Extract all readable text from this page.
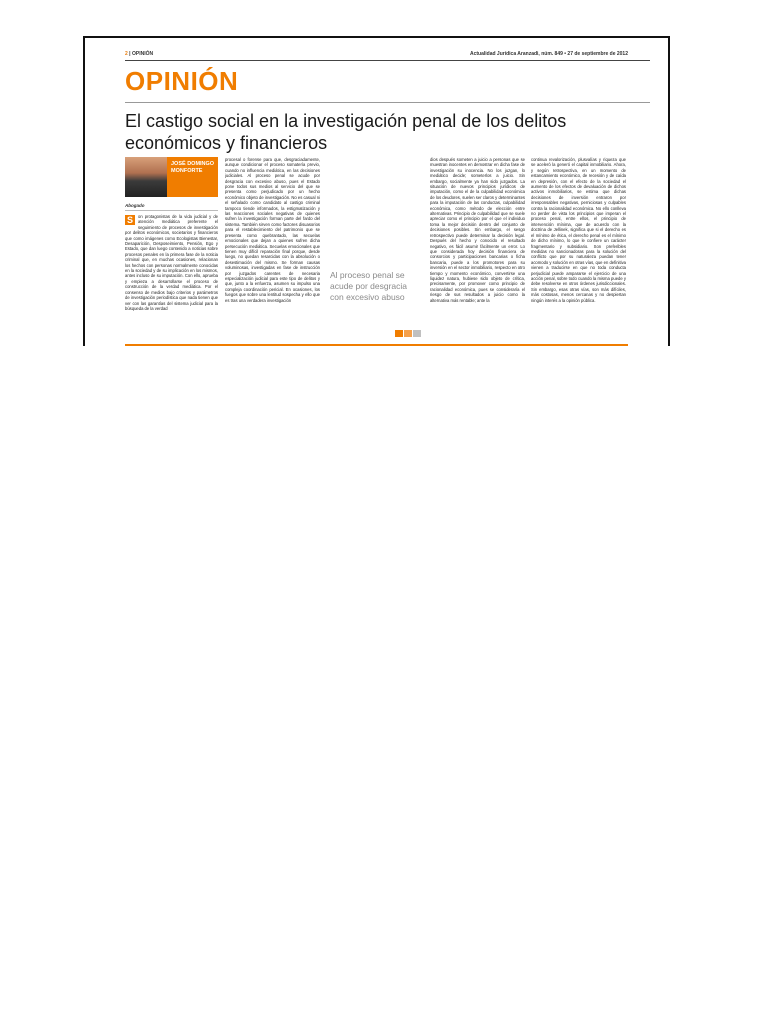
2 | OPINIÓN	Actualidad Jurídica Aranzadi, núm. 849 • 27 de septiembre de 2012
OPINIÓN
El castigo social en la investigación penal de los delitos económicos y financieros
JOSÉ DOMINGO MONFORTE
Abogado
S	on protagonistas de la vida judicial y de atención mediática preferente el seguimiento de procesos de investigación por delitos económicos, societarios y financieros que como imágenes como Ecologistas Bienestar, Desaparición, Desposeimiento, Pensión, Ego y Estado, que dan luego contenido a noticias sobre procesos penales en la primera fase de la noticia criminal que, en muchas ocasiones, relacionan los hechos con personas normalmente conocidas en la sociedad y de su implicación en los mismos, antes incluso de su imputación. Con ello, aprueba y empieza a desarrollarse el proceso de construcción de la verdad mediática. Por el consenso de medios bajo criterios y parámetros de investigación periodística que nada tienen que ver con las garantías del sistema judicial para la búsqueda de la verdad

procesal o forense para que, desgraciadamente, aunque condicionar el proceso somatería previo, cuando no influencia mediática, en las decisiones judiciales. Al proceso penal se acude por desgracia con excesivo abuso, pues el Estado pone todos sus medios al servicio del que se presenta como perjudicado por un hecho económico objeto de investigación. No es casual ni el señalado como candidato al castigo criminal tampoco tiende informados, la estigmatización y las reacciones sociales negativas de quienes sufren la investigación forman parte del fardo del sistema. También sirven como factores disuasorios para el restablecimiento del patrimonio que se presenta como quebrantado, las secuelas emocionales que dejan a quienes sufren dicha persecución mediática. Secuelas emocionales que tienen muy difícil reparación final porque, desde luego, no quedan resarcidas con la absolución o desestimación del mismo. Se forman causas voluminosas, investigadas en fase de instrucción por juzgados carentes de necesaria especialización judicial para este tipo de delitos y que, junto a la enfuerza, asumen su impulso una compleja coordinación pericial. En ocasiones, los fuegos que sobre una lentitud sospecha y ello que es tras una verdadera investigación

Al proceso penal se acude por desgracia con excesivo abuso

dios después someten a juicio a personas que se muestran inocentes en demostrar en dicha fase de investigación su inocencia. No los juzgan, lo mediático decide; someterlos a juicio. Sin embargo, socialmente ya han sido juzgados. La situación de nuevos principios jurídicos de imputación, como el de la culpabilidad económica de los deudores, suelen ser claros y determinantes para la imputación de las conductas, culpabilidad económica, como método de elección entre alternativas. Principio de culpabilidad que se suele apreciar como el principio por el que el individuo toma la mejor decisión dentro del conjunto de decisiones posibles. Sin embargo, el sesgo retrospectivo puede determinar la decisión legal. Después del hecho y conocido el resultado negativo, es fácil asumir fácilmente un error. Lo que considerada hoy decisión financiera de consorcios y participaciones bancarias o ficha bancaria, puede a los promotores para su inversión en el sector inmobiliario, respecto en otro tiempo y momento económico, convertirse una liquidez natura, hubiese sido objeto de crítica, precisamente, por promover como principio de racionalidad económica, pues se consideraría el riesgo de sus resultados a juicio como la alternativa más rentable; ante la

continua revalorización, plusvalías y riqueza que se aceleró la generó el capital inmobiliario. Ahora, y según retrospectiva, en un momento de estancamiento económico, de recesión y de caída en depresión, con el efecto de la sociedad el aumento de los efectos de devaluación de dichos activos inmobiliarios, se estima que dichas decisiones de inversión entraron por irresponsables negativas, perniciosas y culpables contra la racionalidad económica. No ello conlleva no perder de vista los principios que imperan el proceso penal, entre ellos, el principio de intervención mínima, que de acuerdo con la doctrina de Jellinek, significa que si el derecho es el mínimo de ética, el derecho penal es el mínimo de dicho mínimo, lo que le confiere un carácter fragmentario y subsidiario. Son preferibles medidas no sancionadoras para la solución del conflicto que por su naturaleza puedan tener acomodo y solución en otras vías, que en definitiva vienen a traducirse en que no toda conducta perjudicial puede ampararse el ejercicio de una acción penal, sobre todo cuando la misma puede y debe resolverse en otros órdenes jurisdiccionales. Sin embargo, esas otras vías, son más difíciles, más costosas, menos cercanas y no despiertan ningún interés a la opinión pública.
